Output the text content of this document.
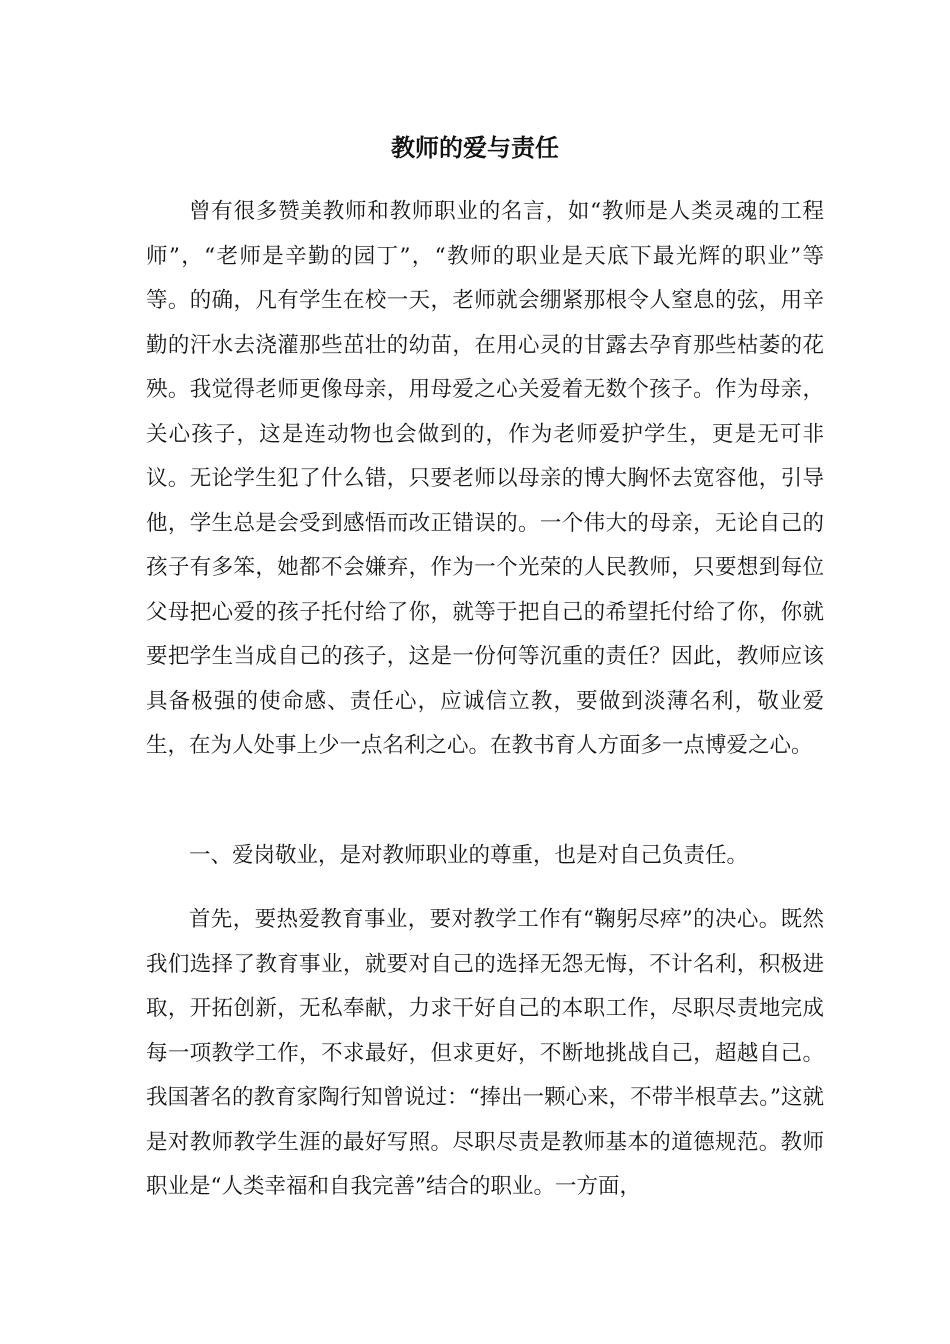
教师的爱与责任

曾有很多赞美教师和教师职业的名言，如“教师是人类灵魂的工程师”，“老师是辛勤的园丁”，“教师的职业是天底下最光辉的职业”等等。的确，凡有学生在校一天，老师就会绷紧那根令人窒息的弦，用辛勤的汗水去浇灌那些茁壮的幼苗，在用心灵的甘露去孕育那些枯萎的花殃。我觉得老师更像母亲，用母爱之心关爱着无数个孩子。作为母亲，关心孩子，这是连动物也会做到的，作为老师爱护学生，更是无可非议。无论学生犯了什么错，只要老师以母亲的博大胸怀去宽容他，引导他，学生总是会受到感悟而改正错误的。一个伟大的母亲，无论自己的孩子有多笨，她都不会嫌弃，作为一个光荣的人民教师，只要想到每位父母把心爱的孩子托付给了你，就等于把自己的希望托付给了你，你就要把学生当成自己的孩子，这是一份何等沉重的责任？因此，教师应该具备极强的使命感、责任心，应诚信立教，要做到淡薄名利，敬业爱生，在为人处事上少一点名利之心。在教书育人方面多一点博爱之心。

一、爱岗敬业，是对教师职业的尊重，也是对自己负责任。

首先，要热爱教育事业，要对教学工作有“鞠躬尽瘁”的决心。既然我们选择了教育事业，就要对自己的选择无怨无悔，不计名利，积极进取，开拓创新，无私奉献，力求干好自己的本职工作，尽职尽责地完成每一项教学工作，不求最好，但求更好，不断地挑战自己，超越自己。我国著名的教育家陶行知曾说过：“捧出一颗心来，不带半根草去。”这就是对教师教学生涯的最好写照。尽职尽责是教师基本的道德规范。教师职业是“人类幸福和自我完善”结合的职业。一方面，
